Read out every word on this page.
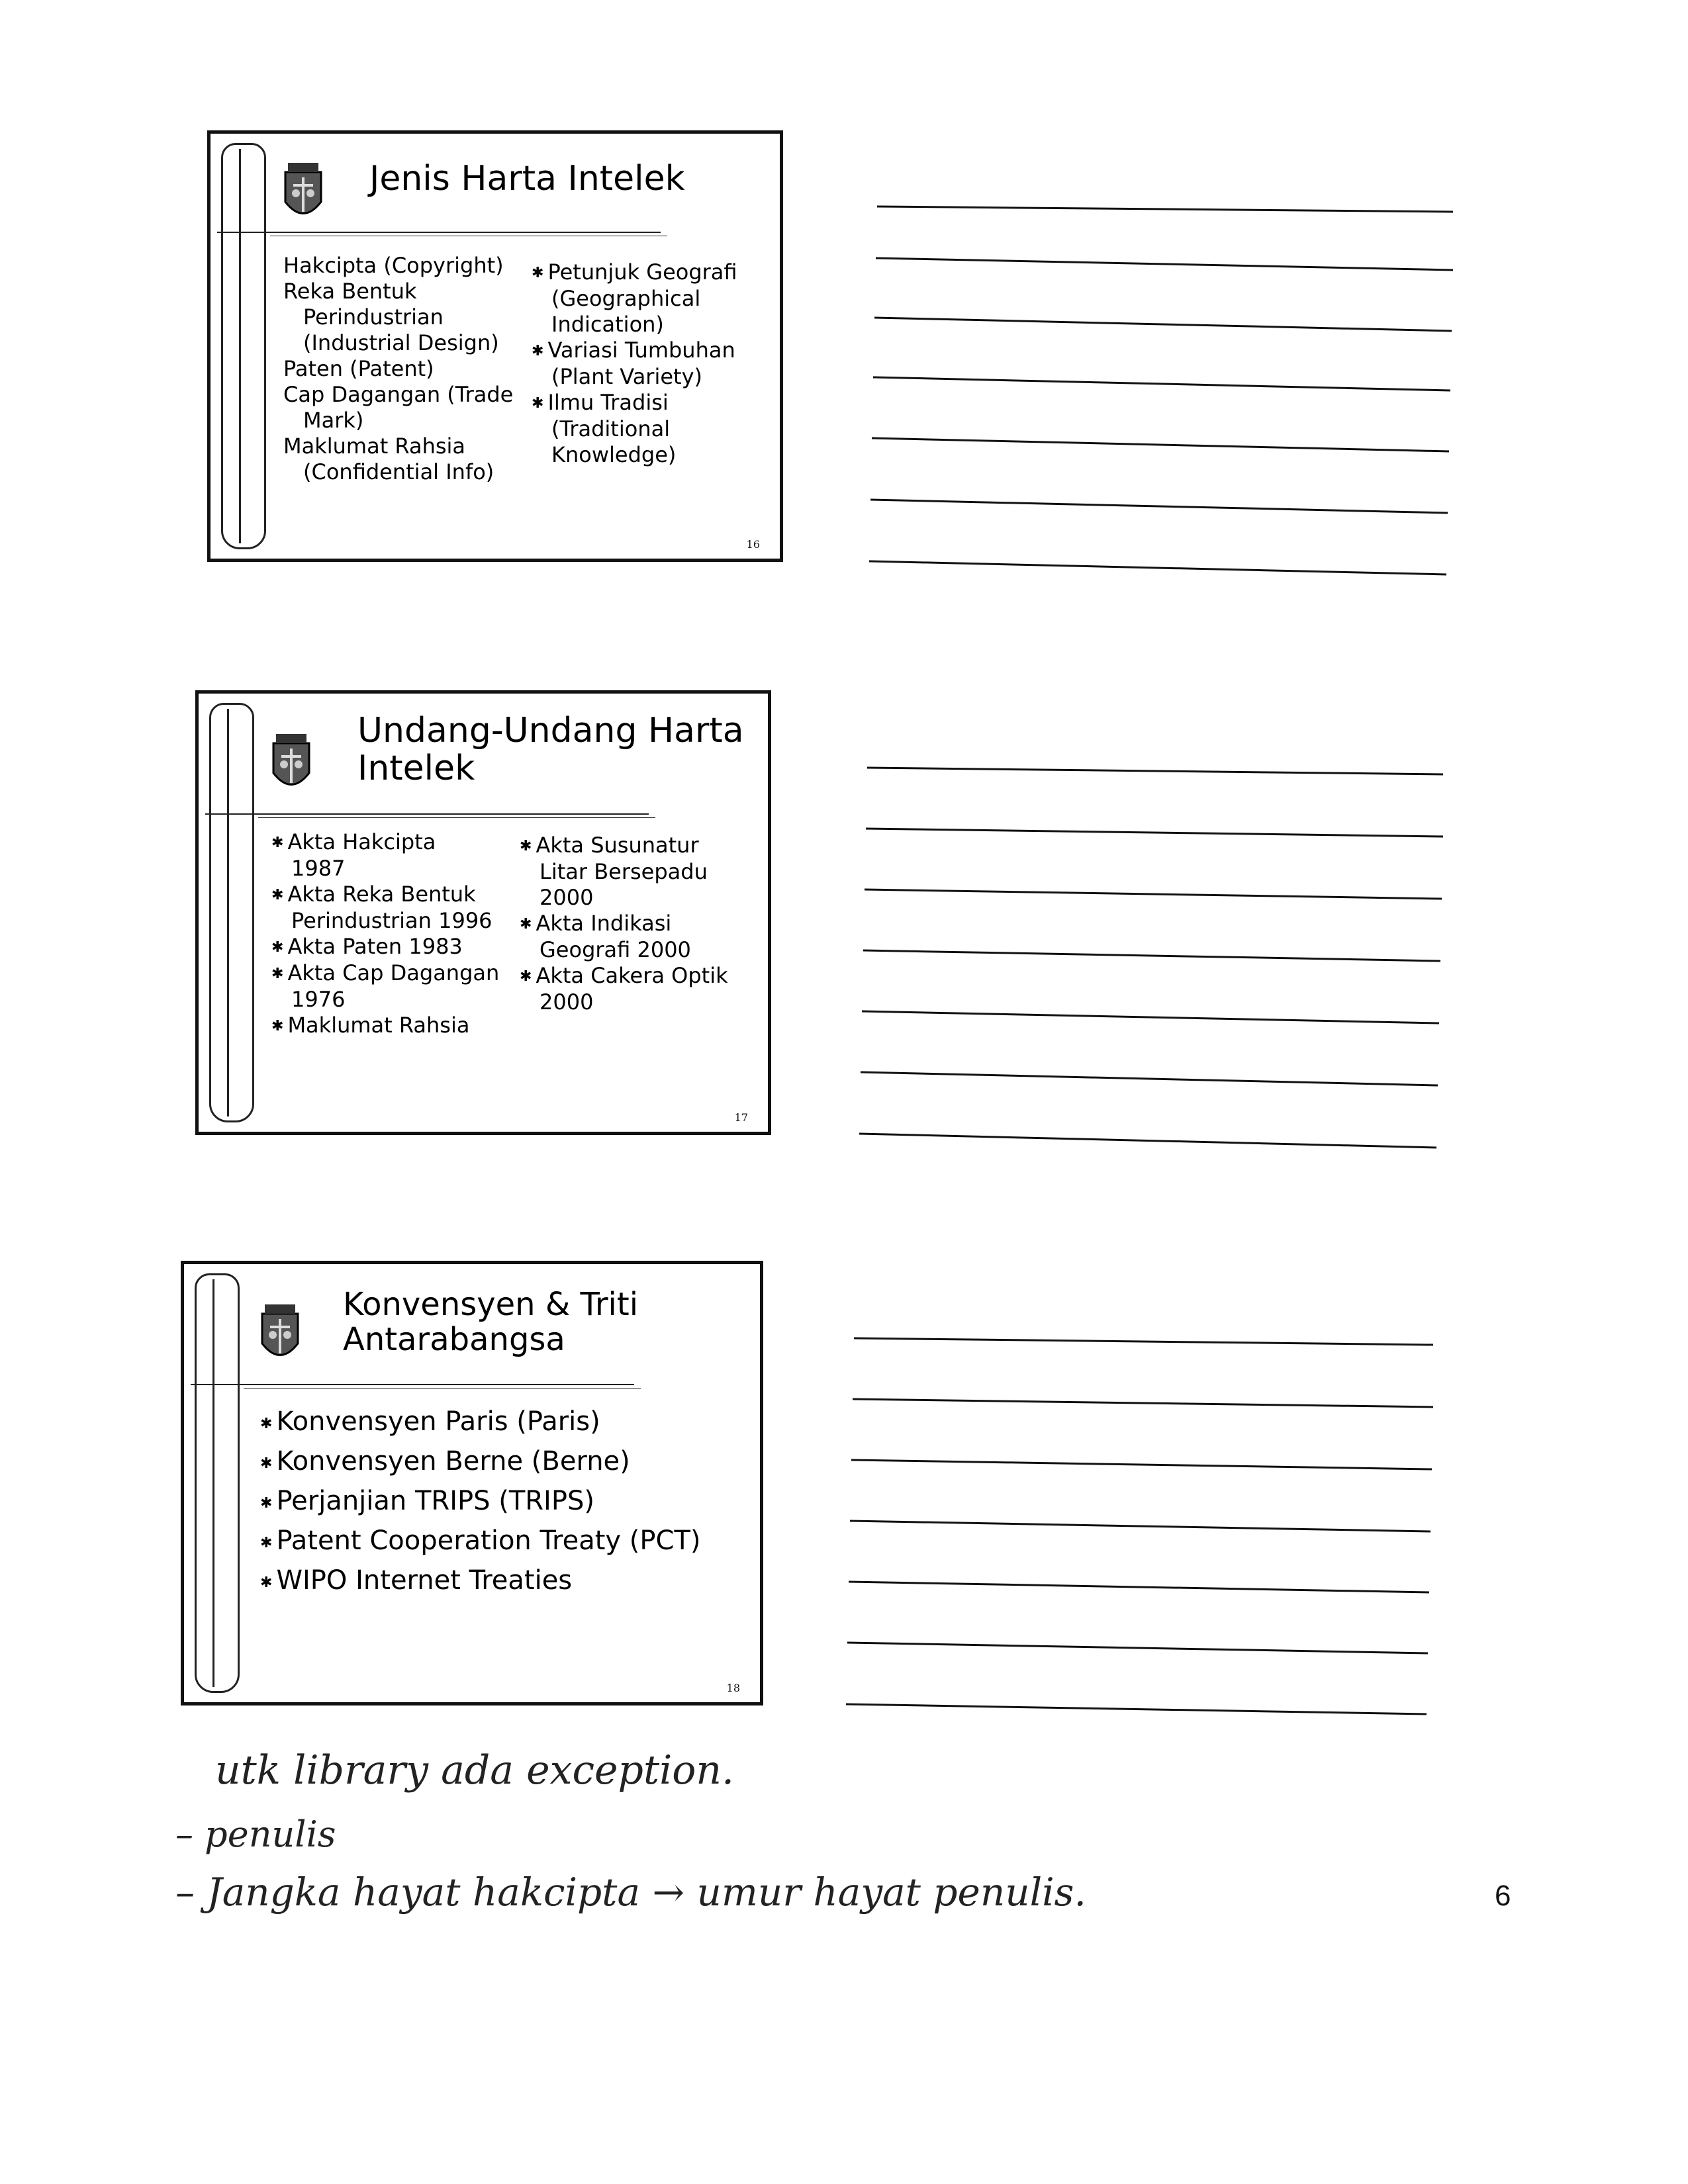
Jenis Harta Intelek
Hakcipta (Copyright)
Reka Bentuk
Perindustrian
(Industrial Design)
Paten (Patent)
Cap Dagangan (Trade
Mark)
Maklumat Rahsia
(Confidential Info)
✱ Petunjuk Geografi
(Geographical
Indication)
✱ Variasi Tumbuhan
(Plant Variety)
✱ Ilmu Tradisi
(Traditional
Knowledge)
16
Undang-Undang Harta
Intelek
✱ Akta Hakcipta
1987
✱ Akta Reka Bentuk
Perindustrian 1996
✱ Akta Paten 1983
✱ Akta Cap Dagangan
1976
✱ Maklumat Rahsia
✱ Akta Susunatur
Litar Bersepadu
2000
✱ Akta Indikasi
Geografi 2000
✱ Akta Cakera Optik
2000
17
Konvensyen & Triti
Antarabangsa
✱ Konvensyen Paris (Paris)
✱ Konvensyen Berne (Berne)
✱ Perjanjian TRIPS (TRIPS)
✱ Patent Cooperation Treaty (PCT)
✱ WIPO Internet Treaties
18
utk library ada exception.
– penulis
– Jangka hayat hakcipta → umur hayat penulis.	6
